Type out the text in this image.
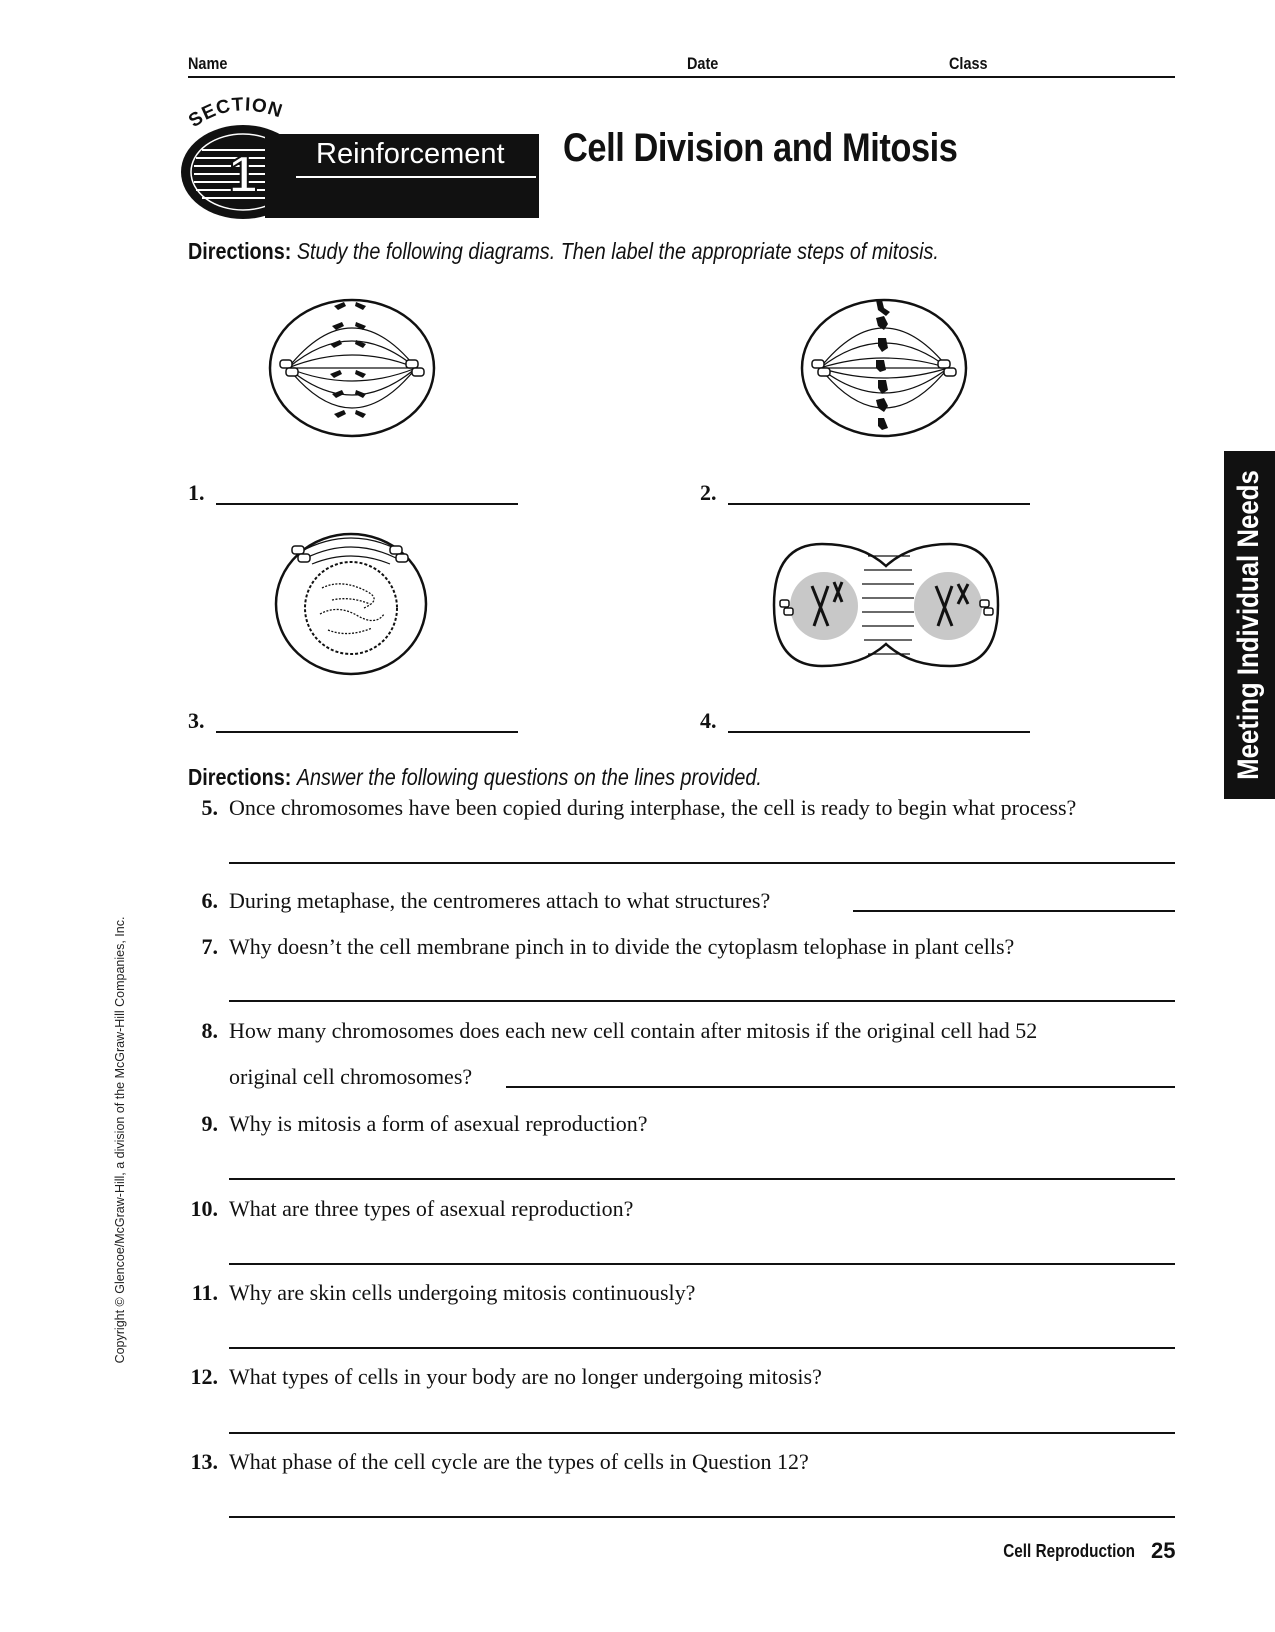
Name	Date	Class
SECTION
1 Reinforcement Cell Division and Mitosis
Directions: Study the following diagrams. Then label the appropriate steps of mitosis.
1.	2.
3.	4.
Directions: Answer the following questions on the lines provided.
5. Once chromosomes have been copied during interphase, the cell is ready to begin what process?
6. During metaphase, the centromeres attach to what structures?
7. Why doesn’t the cell membrane pinch in to divide the cytoplasm telophase in plant cells?
8. How many chromosomes does each new cell contain after mitosis if the original cell had 52
original cell chromosomes?
9. Why is mitosis a form of asexual reproduction?
10. What are three types of asexual reproduction?
11. Why are skin cells undergoing mitosis continuously?
12. What types of cells in your body are no longer undergoing mitosis?
13. What phase of the cell cycle are the types of cells in Question 12?
Meeting Individual Needs
Copyright © Glencoe/McGraw-Hill, a division of the McGraw-Hill Companies, Inc.
Cell Reproduction 25
